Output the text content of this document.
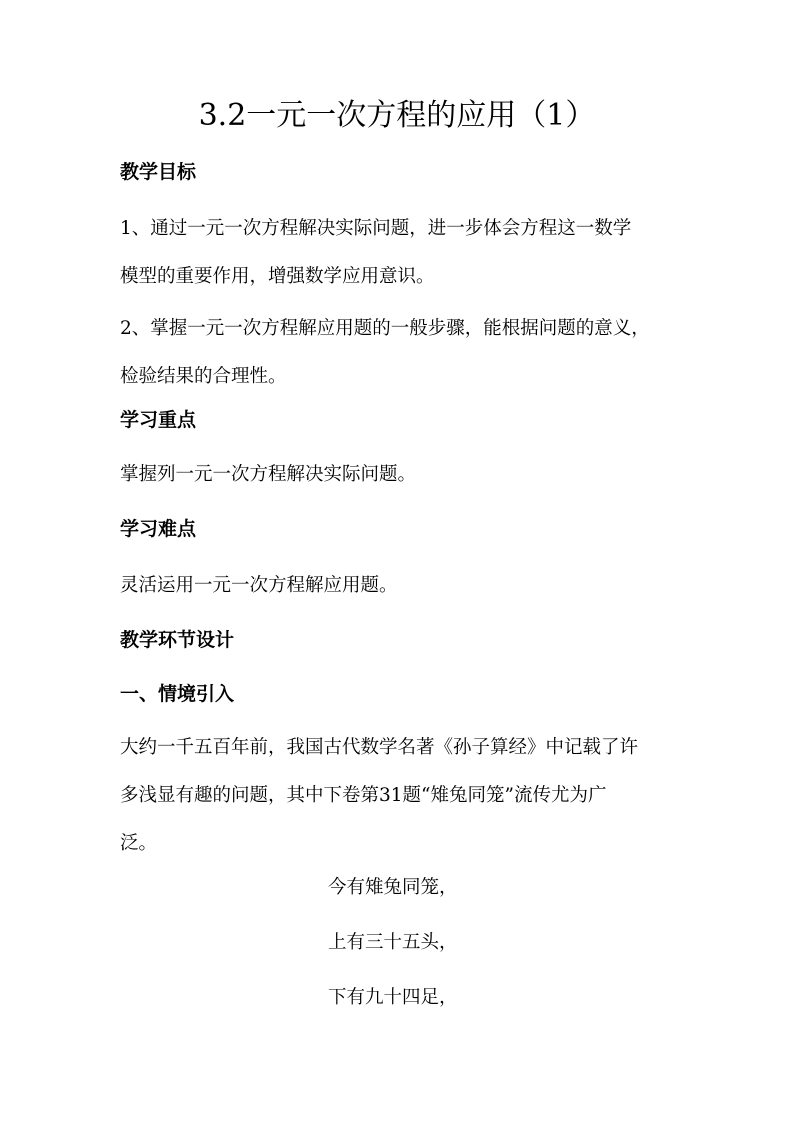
3.2一元一次方程的应用（1）
教学目标
1、通过一元一次方程解决实际问题，进一步体会方程这一数学
模型的重要作用，增强数学应用意识。
2、掌握一元一次方程解应用题的一般步骤，能根据问题的意义，
检验结果的合理性。
学习重点
掌握列一元一次方程解决实际问题。
学习难点
灵活运用一元一次方程解应用题。
教学环节设计
一、情境引入
大约一千五百年前，我国古代数学名著《孙子算经》中记载了许
多浅显有趣的问题，其中下卷第31题“雉兔同笼”流传尤为广
泛。
今有雉兔同笼，
上有三十五头，
下有九十四足，
